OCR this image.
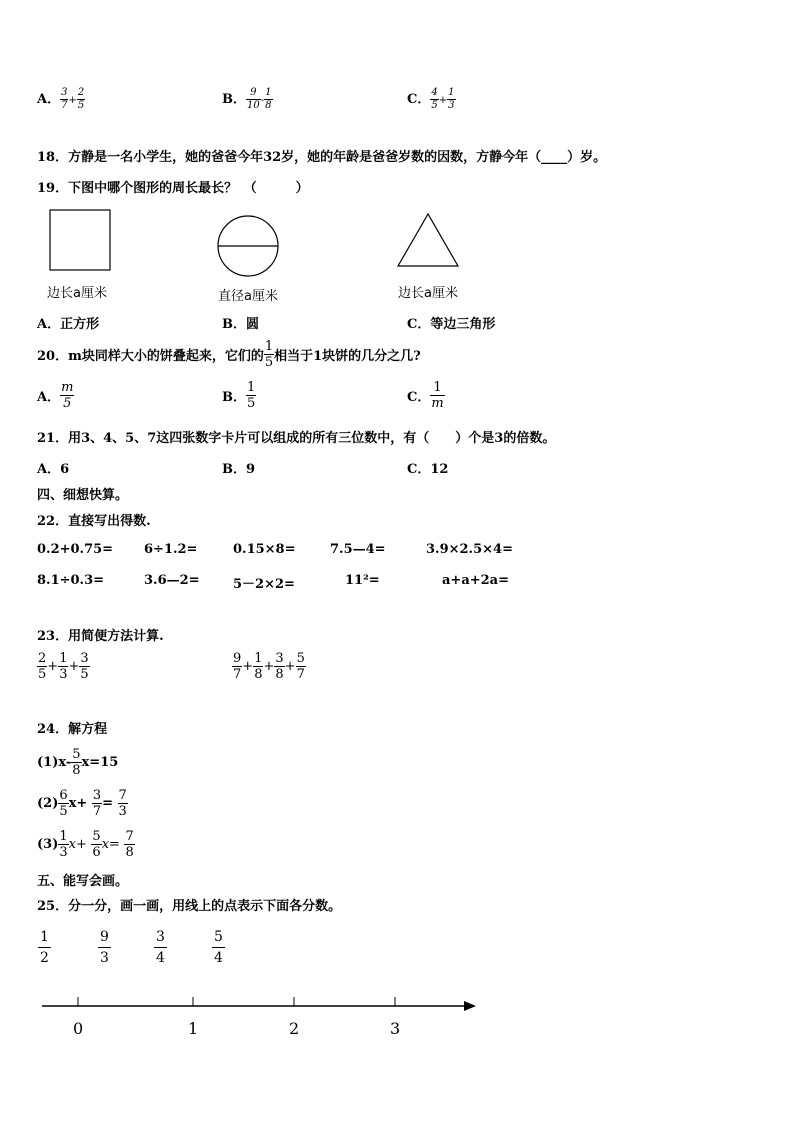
A． $\frac{3}{7} + \frac{2}{5}$	B． $\frac{9}{10} - \frac{1}{8}$	C． $\frac{4}{5} + \frac{1}{3}$
18．方静是一名小学生，她的爸爸今年32岁，她的年龄是爸爸岁数的因数，方静今年（____）岁。
19．下图中哪个图形的周长最长？　（　　　）
边长a厘米	直径a厘米	边长a厘米
A．正方形	B．圆	C．等边三角形
20．m块同样大小的饼叠起来，它们的 $\frac{1}{5}$ 相当于1块饼的几分之几?
A． $\frac{m}{5}$	B． $\frac{1}{5}$	C． $\frac{1}{m}$
21．用3、4、5、7这四张数字卡片可以组成的所有三位数中，有（　　）个是3的倍数。
A．6	B．9	C．12
四、细想快算。
22．直接写出得数.
0.2+0.75= 6÷1.2=	0.15×8=	7.5—4=	3.9×2.5×4=
8.1÷0.3=	3.6—2=	5－2×2=	11²=	a+a+2a=
23．用简便方法计算.
$\frac{2}{5} + \frac{1}{3} + \frac{3}{5}$	$\frac{9}{7} + \frac{1}{8} + \frac{3}{8} + \frac{5}{7}$
24．解方程
$(1)x- \frac{5}{8} x=15$
$(2) \frac{6}{5} x+ \frac{3}{7} = \frac{7}{3}$
$(3) \frac{1}{3} x+ \frac{5}{6} x= \frac{7}{8}$
五、能写会画。
25．分一分，画一画，用线上的点表示下面各分数。
$\frac{1}{2}$	$\frac{9}{3}$	$\frac{3}{4}$	$\frac{5}{4}$
0	1	2	3
